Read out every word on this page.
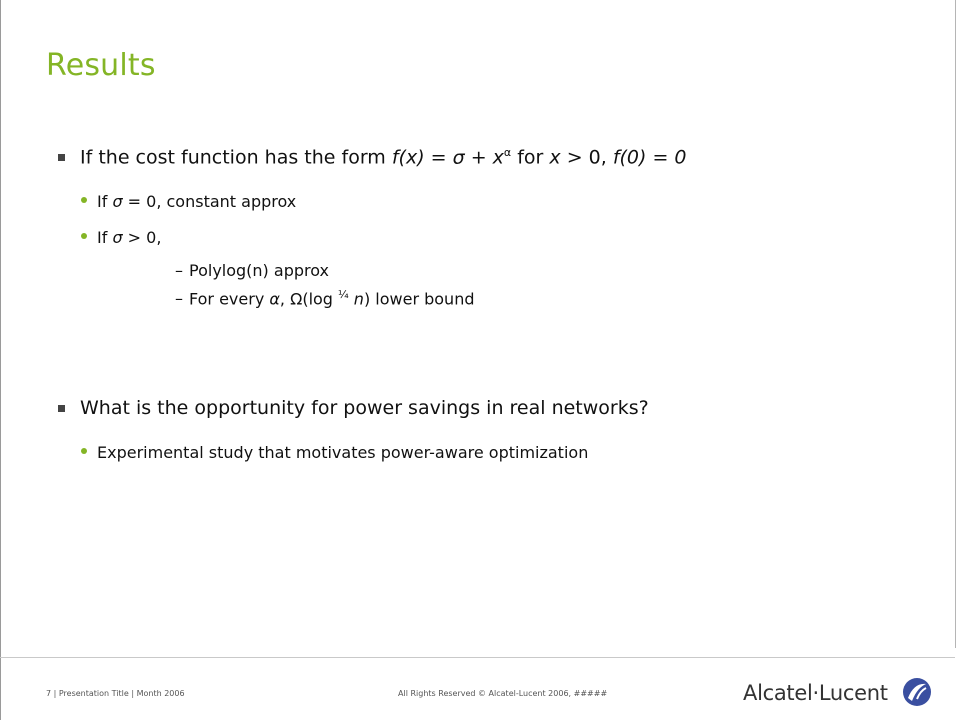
Results
If the cost function has the form $f(x) = \sigma + x^\alpha$ for x > 0, f(0) = 0
If σ = 0, constant approx
If σ > 0,
– Polylog(n) approx
– For every α, Ω(log $^{\frac{1}{4}}$ n) lower bound
What is the opportunity for power savings in real networks?
Experimental study that motivates power-aware optimization
7 | Presentation Title | Month 2006	All Rights Reserved © Alcatel-Lucent 2006, #####	Alcatel·Lucent
